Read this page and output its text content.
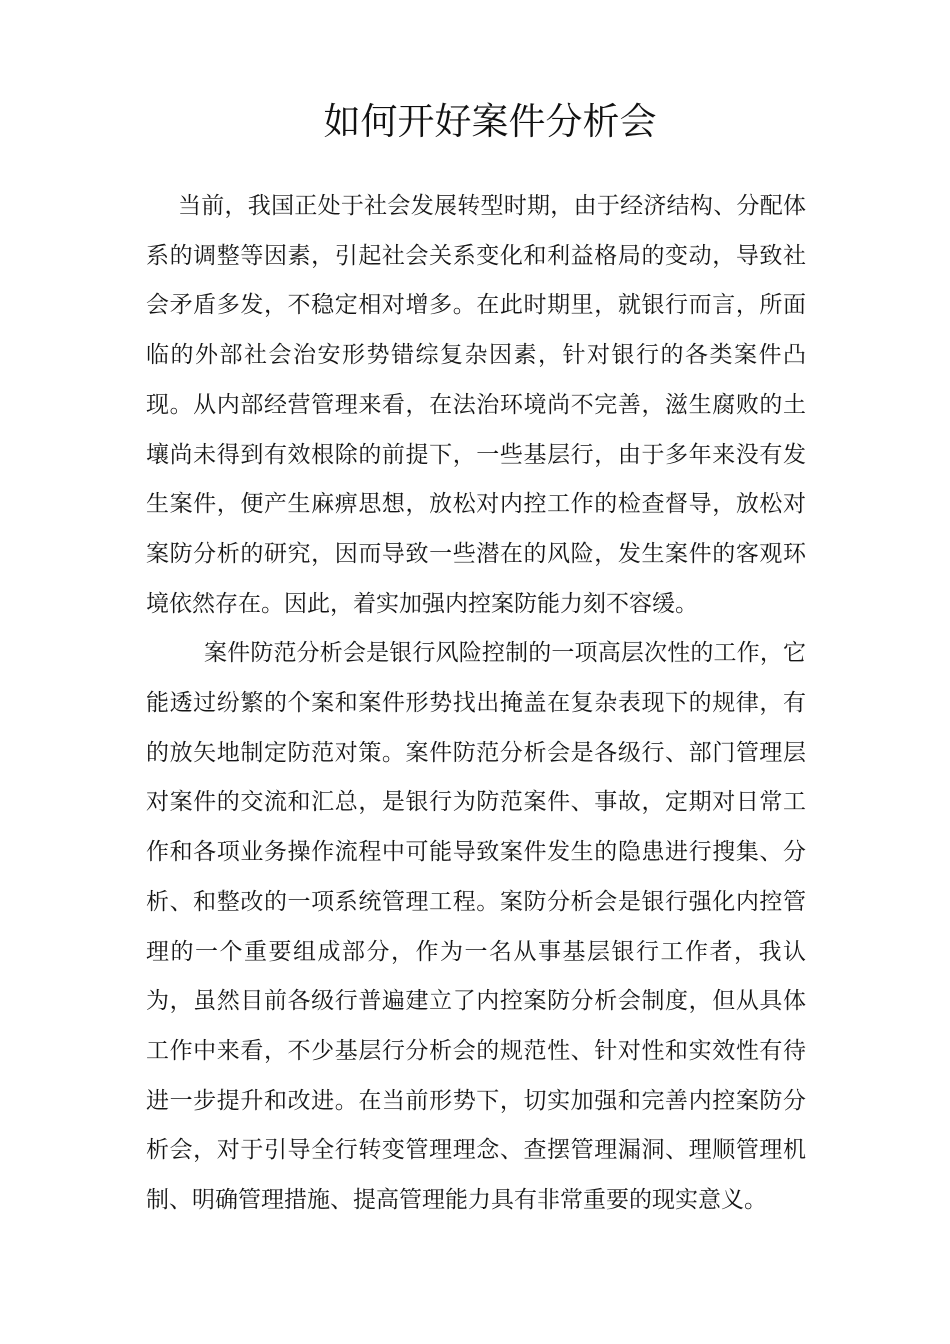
如何开好案件分析会

当前，我国正处于社会发展转型时期，由于经济结构、分配体系的调整等因素，引起社会关系变化和利益格局的变动，导致社会矛盾多发，不稳定相对增多。在此时期里，就银行而言，所面临的外部社会治安形势错综复杂因素，针对银行的各类案件凸现。从内部经营管理来看，在法治环境尚不完善，滋生腐败的土壤尚未得到有效根除的前提下，一些基层行，由于多年来没有发生案件，便产生麻痹思想，放松对内控工作的检查督导，放松对案防分析的研究，因而导致一些潜在的风险，发生案件的客观环境依然存在。因此，着实加强内控案防能力刻不容缓。

案件防范分析会是银行风险控制的一项高层次性的工作，它能透过纷繁的个案和案件形势找出掩盖在复杂表现下的规律，有的放矢地制定防范对策。案件防范分析会是各级行、部门管理层对案件的交流和汇总，是银行为防范案件、事故，定期对日常工作和各项业务操作流程中可能导致案件发生的隐患进行搜集、分析、和整改的一项系统管理工程。案防分析会是银行强化内控管理的一个重要组成部分，作为一名从事基层银行工作者，我认为，虽然目前各级行普遍建立了内控案防分析会制度，但从具体工作中来看，不少基层行分析会的规范性、针对性和实效性有待进一步提升和改进。在当前形势下，切实加强和完善内控案防分析会，对于引导全行转变管理理念、查摆管理漏洞、理顺管理机制、明确管理措施、提高管理能力具有非常重要的现实意义。
